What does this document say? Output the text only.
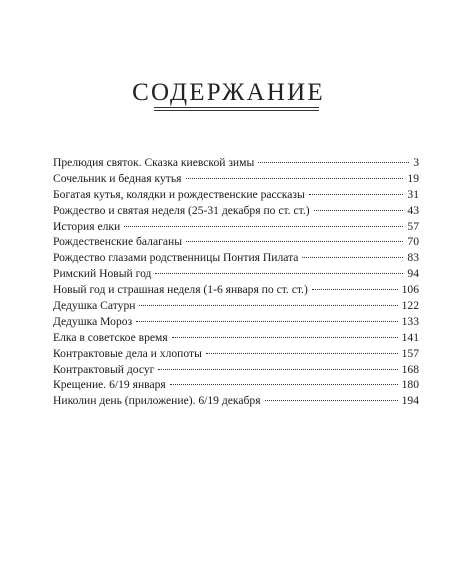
СОДЕРЖАНИЕ
Прелюдия святок. Сказка киевской зимы	3
Сочельник и бедная кутья	19
Богатая кутья, колядки и рождественские рассказы	31
Рождество и святая неделя (25-31 декабря по ст. ст.)	43
История елки	57
Рождественские балаганы	70
Рождество глазами родственницы Понтия Пилата	83
Римский Новый год	94
Новый год и страшная неделя (1-6 января по ст. ст.)	106
Дедушка Сатурн	122
Дедушка Мороз	133
Елка в советское время	141
Контрактовые дела и хлопоты	157
Контрактовый досуг	168
Крещение. 6/19 января	180
Николин день (приложение). 6/19 декабря	194
